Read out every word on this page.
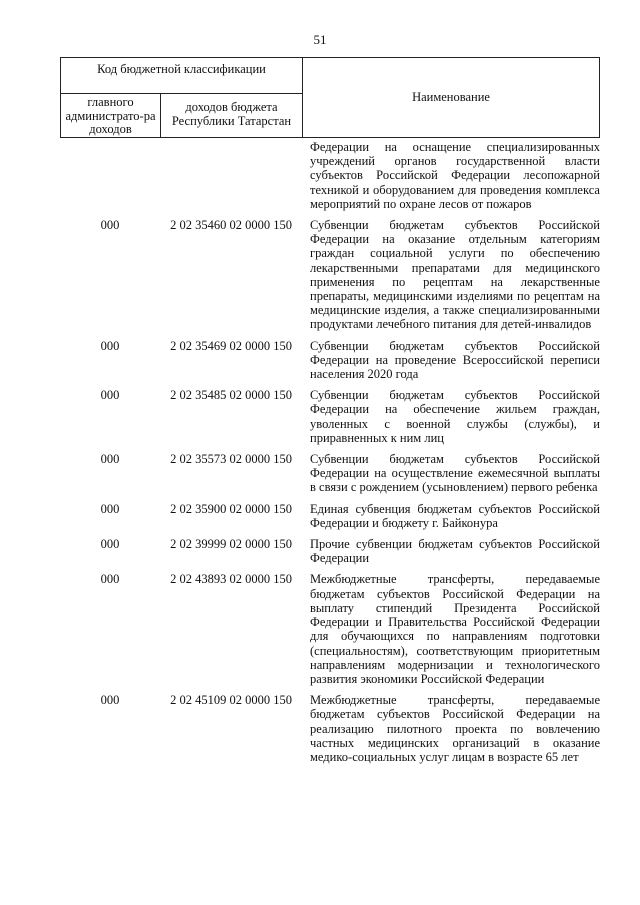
51
Код бюджетной классификации
главного администрато-ра доходов
доходов бюджета Республики Татарстан
Наименование
Федерации на оснащение специализированных учреждений органов государственной власти субъектов Российской Федерации лесопожарной техникой и оборудованием для проведения комплекса мероприятий по охране лесов от пожаров
000	2 02 35460 02 0000 150	Субвенции бюджетам субъектов Российской Федерации на оказание отдельным категориям граждан социальной услуги по обеспечению лекарственными препаратами для медицинского применения по рецептам на лекарственные препараты, медицинскими изделиями по рецептам на медицинские изделия, а также специализированными продуктами лечебного питания для детей-инвалидов
000	2 02 35469 02 0000 150	Субвенции бюджетам субъектов Российской Федерации на проведение Всероссийской переписи населения 2020 года
000	2 02 35485 02 0000 150	Субвенции бюджетам субъектов Российской Федерации на обеспечение жильем граждан, уволенных с военной службы (службы), и приравненных к ним лиц
000	2 02 35573 02 0000 150	Субвенции бюджетам субъектов Российской Федерации на осуществление ежемесячной выплаты в связи с рождением (усыновлением) первого ребенка
000	2 02 35900 02 0000 150	Единая субвенция бюджетам субъектов Российской Федерации и бюджету г. Байконура
000	2 02 39999 02 0000 150	Прочие субвенции бюджетам субъектов Российской Федерации
000	2 02 43893 02 0000 150	Межбюджетные трансферты, передаваемые бюджетам субъектов Российской Федерации на выплату стипендий Президента Российской Федерации и Правительства Российской Федерации для обучающихся по направлениям подготовки (специальностям), соответствующим приоритетным направлениям модернизации и технологического развития экономики Российской Федерации
000	2 02 45109 02 0000 150	Межбюджетные трансферты, передаваемые бюджетам субъектов Российской Федерации на реализацию пилотного проекта по вовлечению частных медицинских организаций в оказание медико-социальных услуг лицам в возрасте 65 лет
